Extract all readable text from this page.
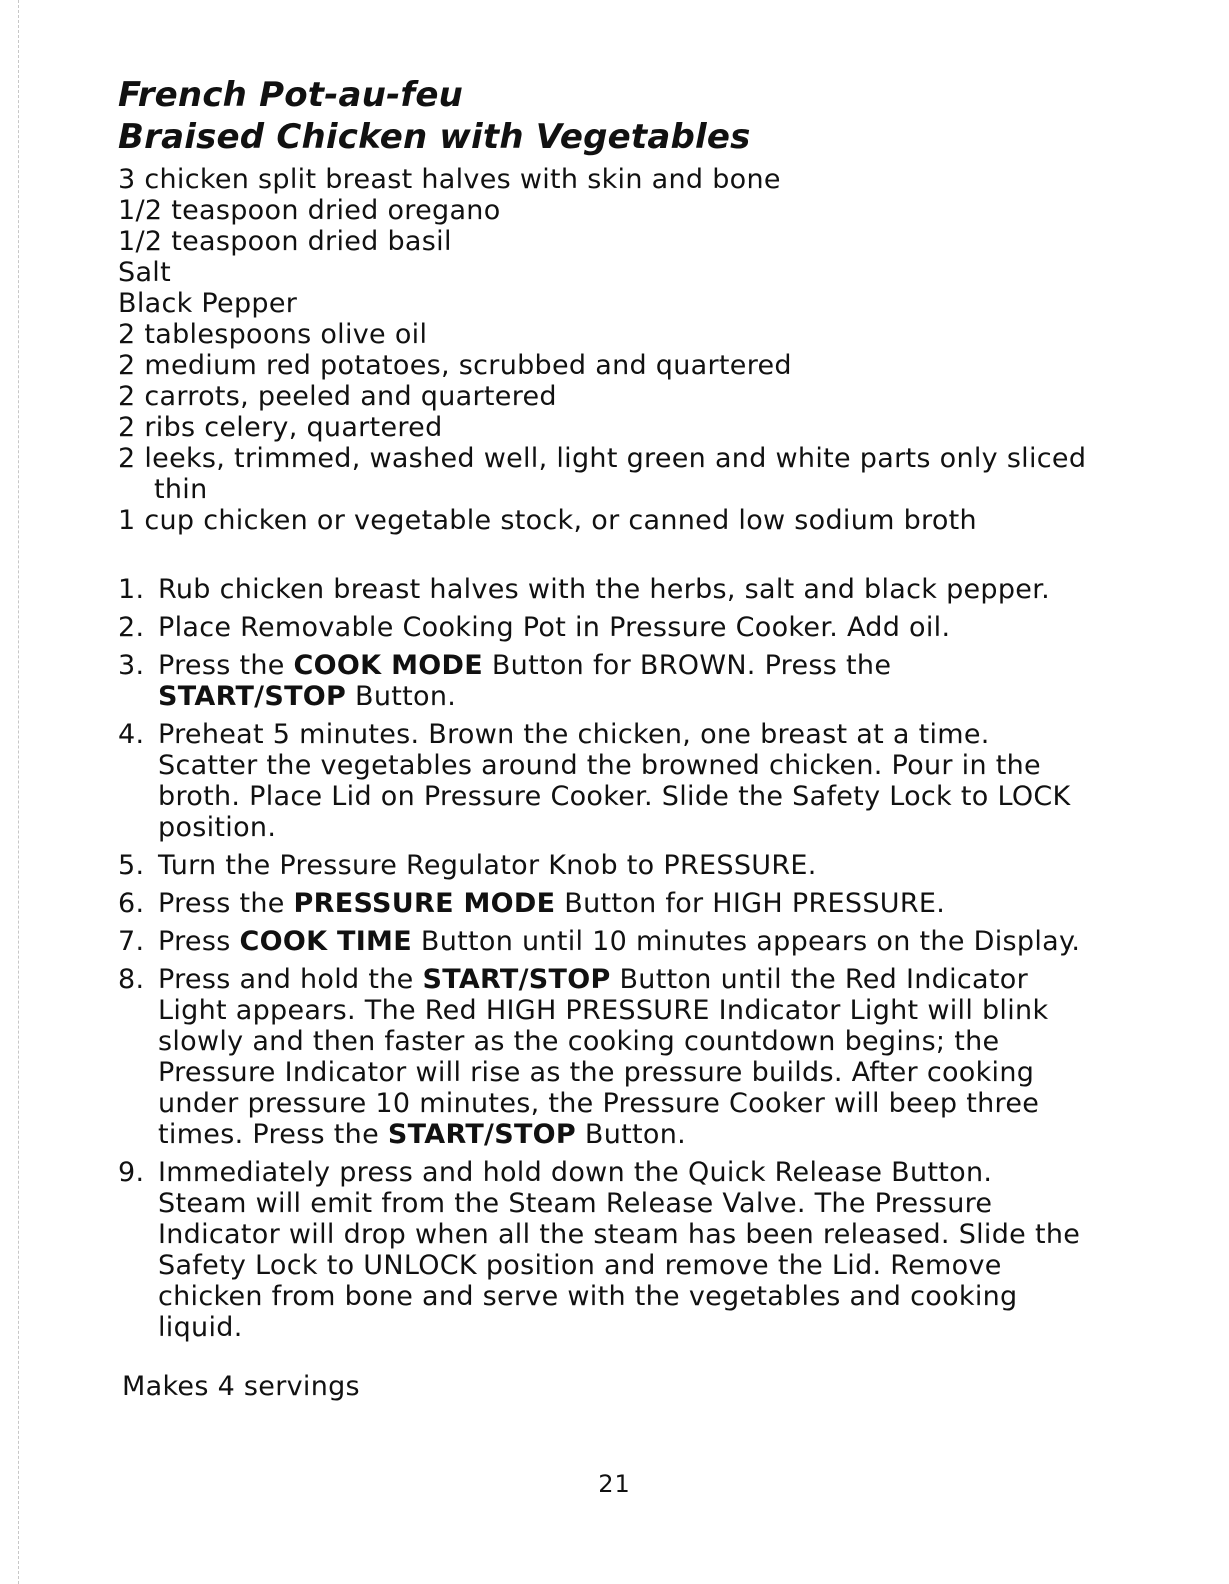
French Pot-au-feu
Braised Chicken with Vegetables
3 chicken split breast halves with skin and bone
1/2 teaspoon dried oregano
1/2 teaspoon dried basil
Salt
Black Pepper
2 tablespoons olive oil
2 medium red potatoes, scrubbed and quartered
2 carrots, peeled and quartered
2 ribs celery, quartered
2 leeks, trimmed, washed well, light green and white parts only sliced thin
1 cup chicken or vegetable stock, or canned low sodium broth
1. Rub chicken breast halves with the herbs, salt and black pepper.
2. Place Removable Cooking Pot in Pressure Cooker. Add oil.
3. Press the COOK MODE Button for BROWN. Press the START/STOP Button.
4. Preheat 5 minutes. Brown the chicken, one breast at a time. Scatter the vegetables around the browned chicken. Pour in the broth. Place Lid on Pressure Cooker. Slide the Safety Lock to LOCK position.
5. Turn the Pressure Regulator Knob to PRESSURE.
6. Press the PRESSURE MODE Button for HIGH PRESSURE.
7. Press COOK TIME Button until 10 minutes appears on the Display.
8. Press and hold the START/STOP Button until the Red Indicator Light appears. The Red HIGH PRESSURE Indicator Light will blink slowly and then faster as the cooking countdown begins; the Pressure Indicator will rise as the pressure builds. After cooking under pressure 10 minutes, the Pressure Cooker will beep three times. Press the START/STOP Button.
9. Immediately press and hold down the Quick Release Button. Steam will emit from the Steam Release Valve. The Pressure Indicator will drop when all the steam has been released. Slide the Safety Lock to UNLOCK position and remove the Lid. Remove chicken from bone and serve with the vegetables and cooking liquid.
Makes 4 servings
21
